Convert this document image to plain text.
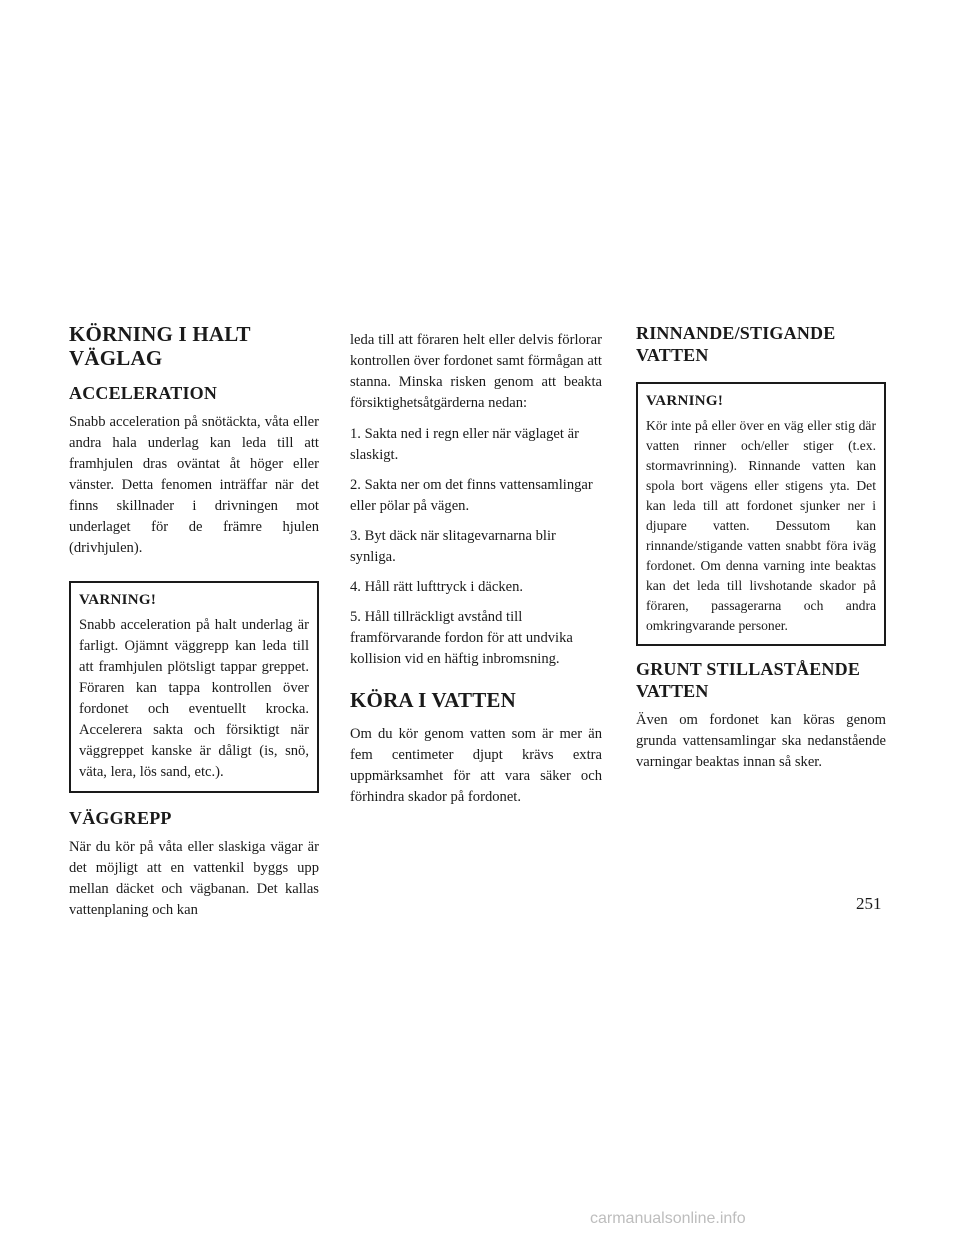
KÖRNING I HALT VÄGLAG
ACCELERATION

Snabb acceleration på snötäckta, våta eller andra hala underlag kan leda till att framhjulen dras oväntat åt höger eller vänster. Detta fenomen inträffar när det finns skillnader i drivningen mot underlaget för de främre hjulen (drivhjulen).

VARNING!

Snabb acceleration på halt underlag är farligt. Ojämnt väggrepp kan leda till att framhjulen plötsligt tappar greppet. Föraren kan tappa kontrollen över fordonet och eventuellt krocka. Accelerera sakta och försiktigt när väggreppet kanske är dåligt (is, snö, väta, lera, lös sand, etc.).

VÄGGREPP

När du kör på våta eller slaskiga vägar är det möjligt att en vattenkil byggs upp mellan däcket och vägbanan. Det kallas vattenplaning och kan

leda till att föraren helt eller delvis förlorar kontrollen över fordonet samt förmågan att stanna. Minska risken genom att beakta försiktighetsåtgärderna nedan:

1. Sakta ned i regn eller när väglaget är slaskigt.

2. Sakta ner om det finns vattensamlingar eller pölar på vägen.

3. Byt däck när slitagevarnarna blir synliga.

4. Håll rätt lufttryck i däcken.

5. Håll tillräckligt avstånd till framförvarande fordon för att undvika kollision vid en häftig inbromsning.

KÖRA I VATTEN

Om du kör genom vatten som är mer än fem centimeter djupt krävs extra uppmärksamhet för att vara säker och förhindra skador på fordonet.

RINNANDE/STIGANDE VATTEN
VARNING!

Kör inte på eller över en väg eller stig där vatten rinner och/eller stiger (t.ex. stormavrinning). Rinnande vatten kan spola bort vägens eller stigens yta. Det kan leda till att fordonet sjunker ner i djupare vatten. Dessutom kan rinnande/stigande vatten snabbt föra iväg fordonet. Om denna varning inte beaktas kan det leda till livshotande skador på föraren, passagerarna och andra omkringvarande personer.

GRUNT STILLASTÅENDE VATTEN

Även om fordonet kan köras genom grunda vattensamlingar ska nedanstående varningar beaktas innan så sker.

251
carmanualsonline.info
